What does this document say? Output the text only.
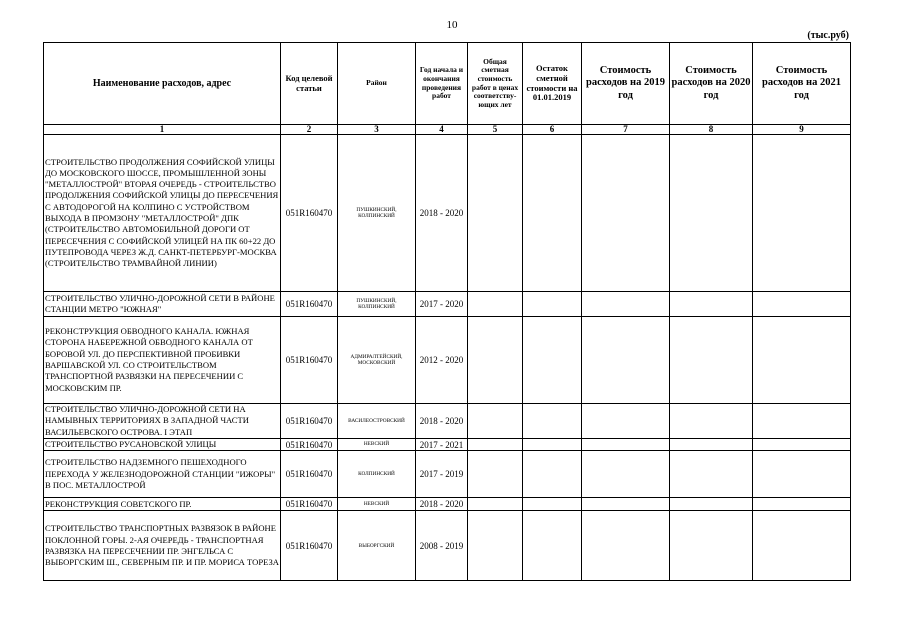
10
(тыс.руб)
Наименование расходов, адрес	Код целевой статьи	Район	Год начала и окончания проведения работ	Общая сметная стоимость работ в ценах соответству-ющих лет	Остаток сметной стоимости на 01.01.2019	Стоимость расходов на 2019 год	Стоимость расходов на 2020 год	Стоимость расходов на 2021 год
1	2	3	4	5	6	7	8	9
СТРОИТЕЛЬСТВО ПРОДОЛЖЕНИЯ СОФИЙСКОЙ УЛИЦЫ ДО МОСКОВСКОГО ШОССЕ, ПРОМЫШЛЕННОЙ ЗОНЫ "МЕТАЛЛОСТРОЙ" ВТОРАЯ ОЧЕРЕДЬ - СТРОИТЕЛЬСТВО ПРОДОЛЖЕНИЯ СОФИЙСКОЙ УЛИЦЫ ДО ПЕРЕСЕЧЕНИЯ С АВТОДОРОГОЙ НА КОЛПИНО С УСТРОЙСТВОМ ВЫХОДА В ПРОМЗОНУ "МЕТАЛЛОСТРОЙ" ДПК (СТРОИТЕЛЬСТВО АВТОМОБИЛЬНОЙ ДОРОГИ ОТ ПЕРЕСЕЧЕНИЯ С СОФИЙСКОЙ УЛИЦЕЙ НА ПК 60+22 ДО ПУТЕПРОВОДА ЧЕРЕЗ Ж.Д. САНКТ-ПЕТЕРБУРГ-МОСКВА (СТРОИТЕЛЬСТВО ТРАМВАЙНОЙ ЛИНИИ)	051R160470	ПУШКИНСКИЙ, КОЛПИНСКИЙ	2018 - 2020					
СТРОИТЕЛЬСТВО УЛИЧНО-ДОРОЖНОЙ СЕТИ В РАЙОНЕ СТАНЦИИ МЕТРО "ЮЖНАЯ"	051R160470	ПУШКИНСКИЙ, КОЛПИНСКИЙ	2017 - 2020					
РЕКОНСТРУКЦИЯ ОБВОДНОГО КАНАЛА. ЮЖНАЯ СТОРОНА НАБЕРЕЖНОЙ ОБВОДНОГО КАНАЛА ОТ БОРОВОЙ УЛ. ДО ПЕРСПЕКТИВНОЙ ПРОБИВКИ ВАРШАВСКОЙ УЛ. СО СТРОИТЕЛЬСТВОМ ТРАНСПОРТНОЙ РАЗВЯЗКИ НА ПЕРЕСЕЧЕНИИ С МОСКОВСКИМ ПР.	051R160470	АДМИРАЛТЕЙСКИЙ, МОСКОВСКИЙ	2012 - 2020					
СТРОИТЕЛЬСТВО УЛИЧНО-ДОРОЖНОЙ СЕТИ НА НАМЫВНЫХ ТЕРРИТОРИЯХ В ЗАПАДНОЙ ЧАСТИ ВАСИЛЬЕВСКОГО ОСТРОВА. I ЭТАП	051R160470	ВАСИЛЕОСТРОВСКИЙ	2018 - 2020					
СТРОИТЕЛЬСТВО РУСАНОВСКОЙ УЛИЦЫ	051R160470	НЕВСКИЙ	2017 - 2021					
СТРОИТЕЛЬСТВО НАДЗЕМНОГО ПЕШЕХОДНОГО ПЕРЕХОДА У ЖЕЛЕЗНОДОРОЖНОЙ СТАНЦИИ "ИЖОРЫ" В ПОС. МЕТАЛЛОСТРОЙ	051R160470	КОЛПИНСКИЙ	2017 - 2019					
РЕКОНСТРУКЦИЯ СОВЕТСКОГО ПР.	051R160470	НЕВСКИЙ	2018 - 2020					
СТРОИТЕЛЬСТВО ТРАНСПОРТНЫХ РАЗВЯЗОК В РАЙОНЕ ПОКЛОННОЙ ГОРЫ. 2-АЯ ОЧЕРЕДЬ - ТРАНСПОРТНАЯ РАЗВЯЗКА НА ПЕРЕСЕЧЕНИИ ПР. ЭНГЕЛЬСА С ВЫБОРГСКИМ Ш., СЕВЕРНЫМ ПР. И ПР. МОРИСА ТОРЕЗА	051R160470	ВЫБОРГСКИЙ	2008 - 2019					
